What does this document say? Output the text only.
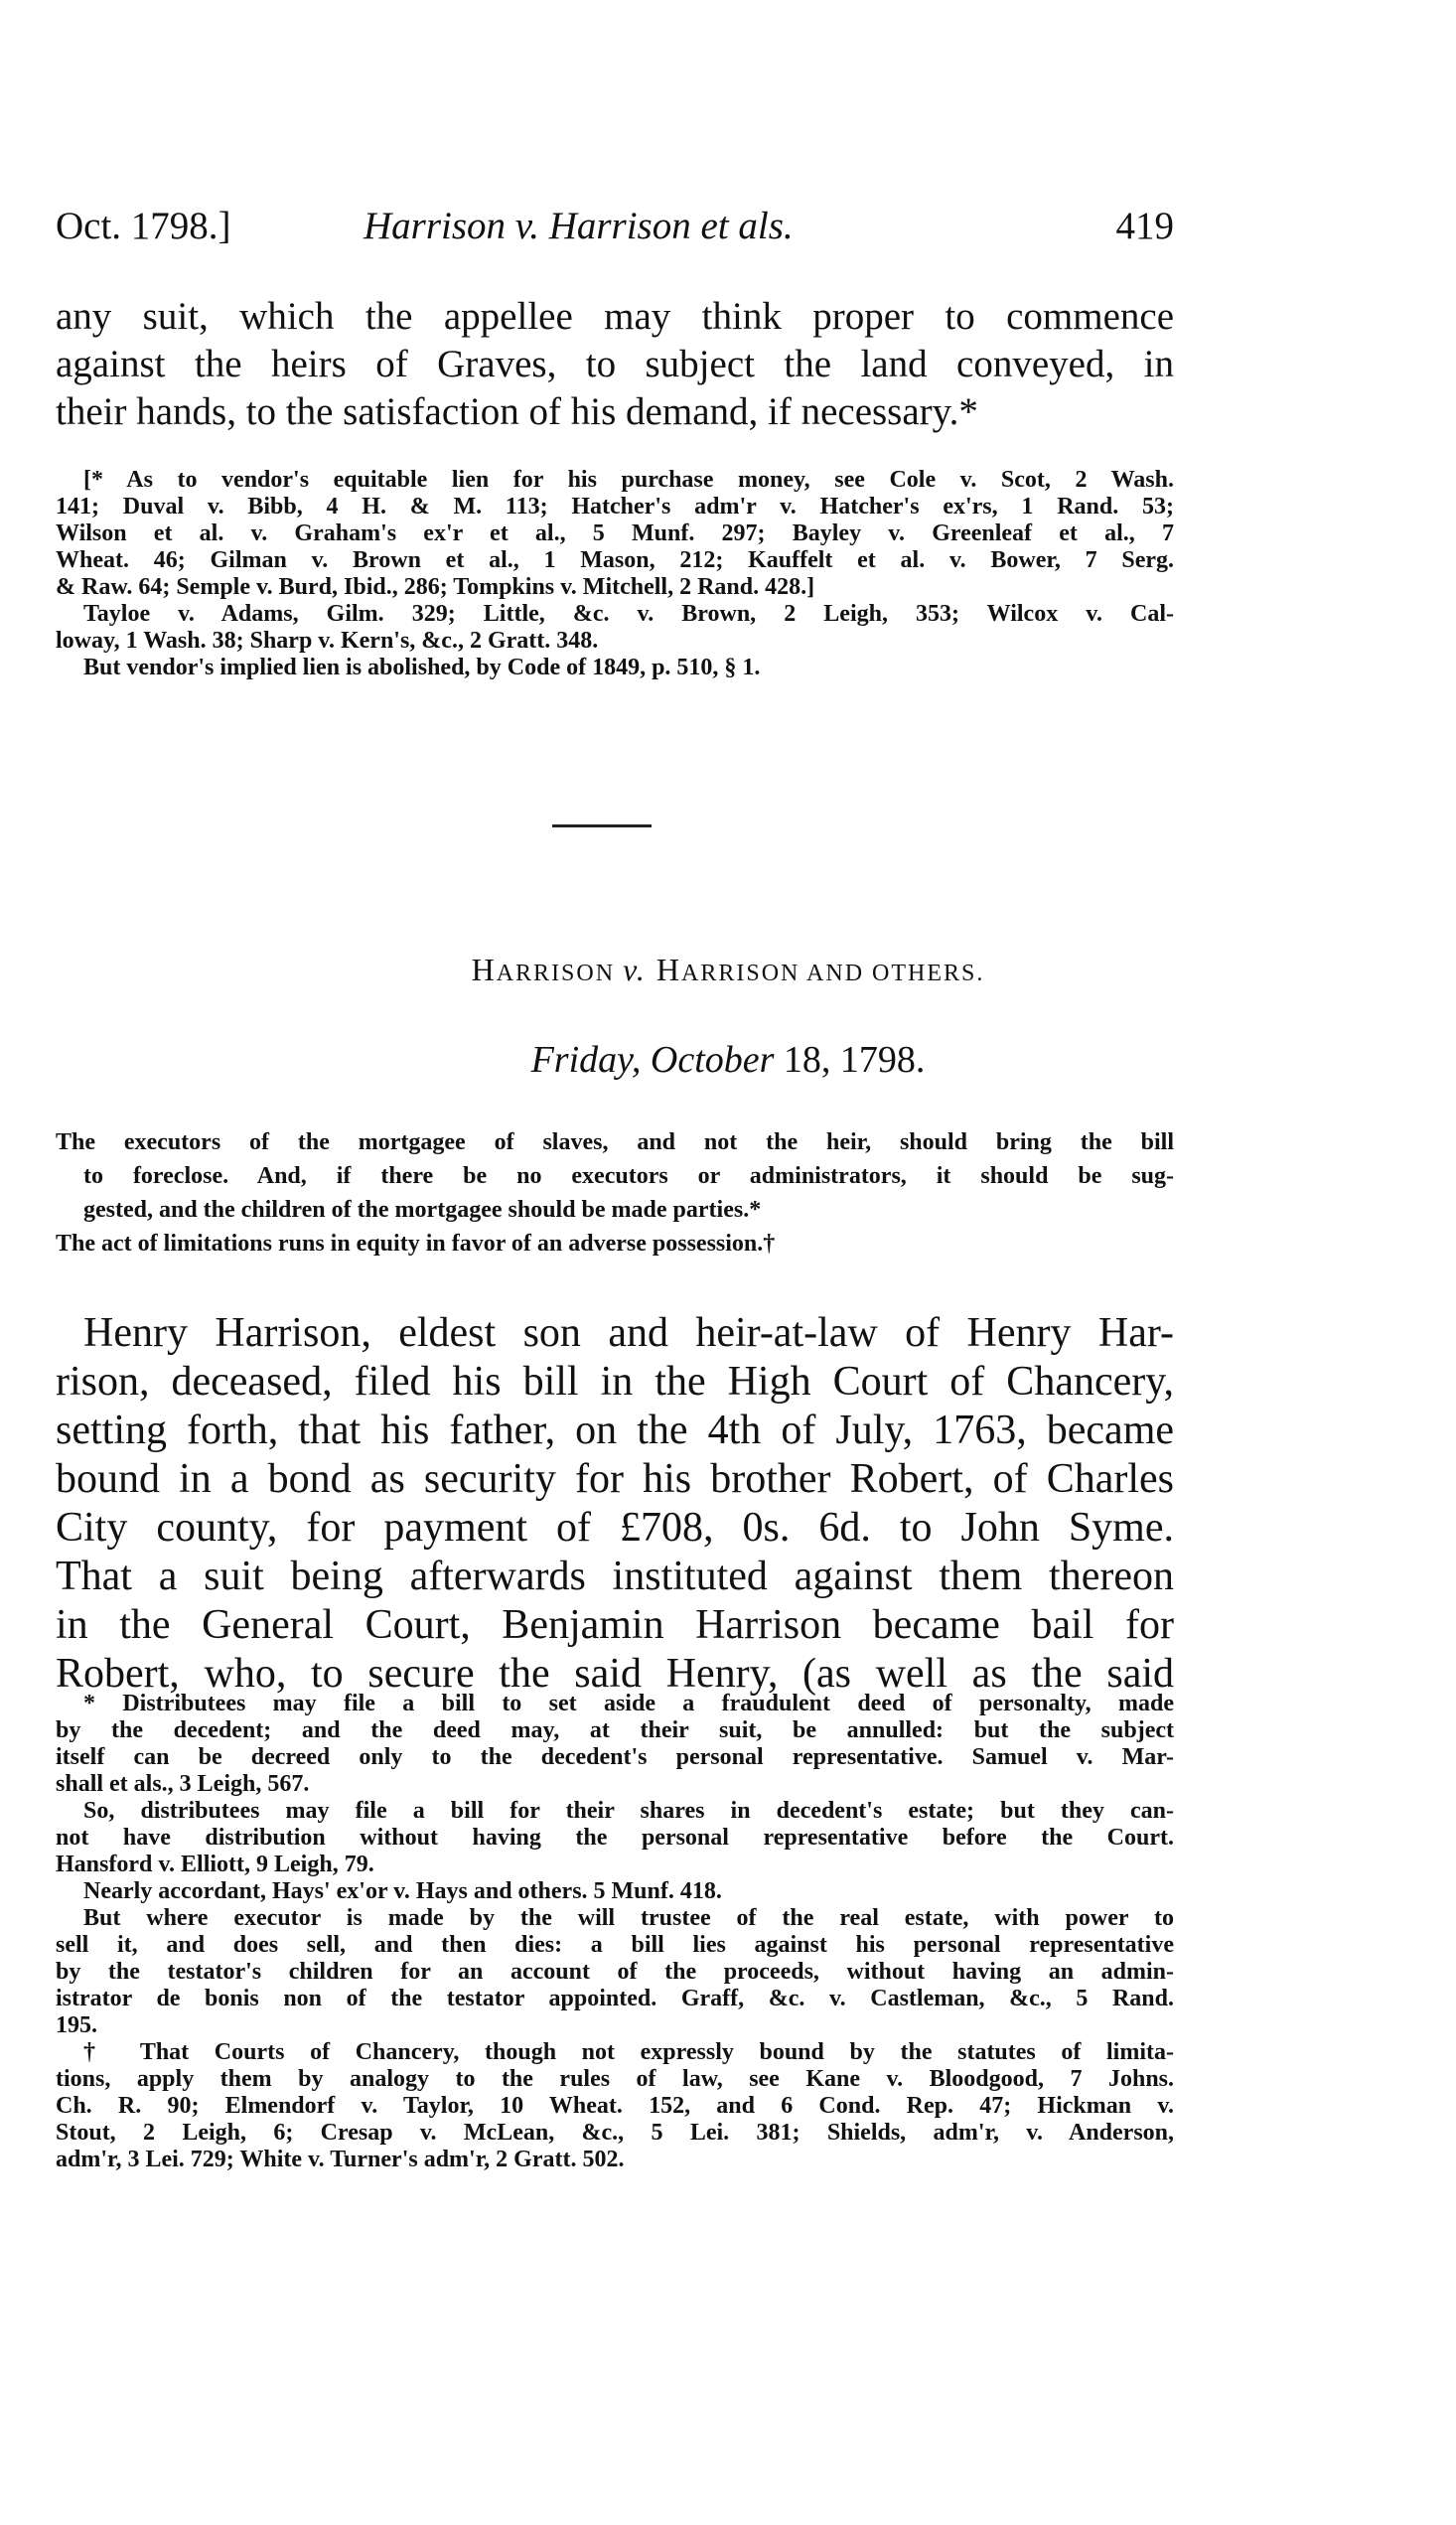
Oct. 1798.]	Harrison v. Harrison et als.	419
any suit, which the appellee may think proper to commence
against the heirs of Graves, to subject the land conveyed, in
their hands, to the satisfaction of his demand, if necessary.*
[* As to vendor's equitable lien for his purchase money, see Cole v. Scot, 2 Wash.
141; Duval v. Bibb, 4 H. & M. 113; Hatcher's adm'r v. Hatcher's ex'rs, 1 Rand. 53;
Wilson et al. v. Graham's ex'r et al., 5 Munf. 297; Bayley v. Greenleaf et al., 7
Wheat. 46; Gilman v. Brown et al., 1 Mason, 212; Kauffelt et al. v. Bower, 7 Serg.
& Raw. 64; Semple v. Burd, Ibid., 286; Tompkins v. Mitchell, 2 Rand. 428.]
Tayloe v. Adams, Gilm. 329; Little, &c. v. Brown, 2 Leigh, 353; Wilcox v. Cal-
loway, 1 Wash. 38; Sharp v. Kern's, &c., 2 Gratt. 348.
But vendor's implied lien is abolished, by Code of 1849, p. 510, § 1.
HARRISON v. HARRISON AND OTHERS.
Friday, October 18, 1798.
The executors of the mortgagee of slaves, and not the heir, should bring the bill
to foreclose. And, if there be no executors or administrators, it should be sug-
gested, and the children of the mortgagee should be made parties.*
The act of limitations runs in equity in favor of an adverse possession.†
Henry Harrison, eldest son and heir-at-law of Henry Har-
rison, deceased, filed his bill in the High Court of Chancery,
setting forth, that his father, on the 4th of July, 1763, became
bound in a bond as security for his brother Robert, of Charles
City county, for payment of £708, 0s. 6d. to John Syme.
That a suit being afterwards instituted against them thereon
in the General Court, Benjamin Harrison became bail for
Robert, who, to secure the said Henry, (as well as the said
* Distributees may file a bill to set aside a fraudulent deed of personalty, made
by the decedent; and the deed may, at their suit, be annulled: but the subject
itself can be decreed only to the decedent's personal representative. Samuel v. Mar-
shall et als., 3 Leigh, 567.
So, distributees may file a bill for their shares in decedent's estate; but they can-
not have distribution without having the personal representative before the Court.
Hansford v. Elliott, 9 Leigh, 79.
Nearly accordant, Hays' ex'or v. Hays and others. 5 Munf. 418.
But where executor is made by the will trustee of the real estate, with power to
sell it, and does sell, and then dies: a bill lies against his personal representative
by the testator's children for an account of the proceeds, without having an admin-
istrator de bonis non of the testator appointed. Graff, &c. v. Castleman, &c., 5 Rand.
195.
† That Courts of Chancery, though not expressly bound by the statutes of limita-
tions, apply them by analogy to the rules of law, see Kane v. Bloodgood, 7 Johns.
Ch. R. 90; Elmendorf v. Taylor, 10 Wheat. 152, and 6 Cond. Rep. 47; Hickman v.
Stout, 2 Leigh, 6; Cresap v. McLean, &c., 5 Lei. 381; Shields, adm'r, v. Anderson,
adm'r, 3 Lei. 729; White v. Turner's adm'r, 2 Gratt. 502.
